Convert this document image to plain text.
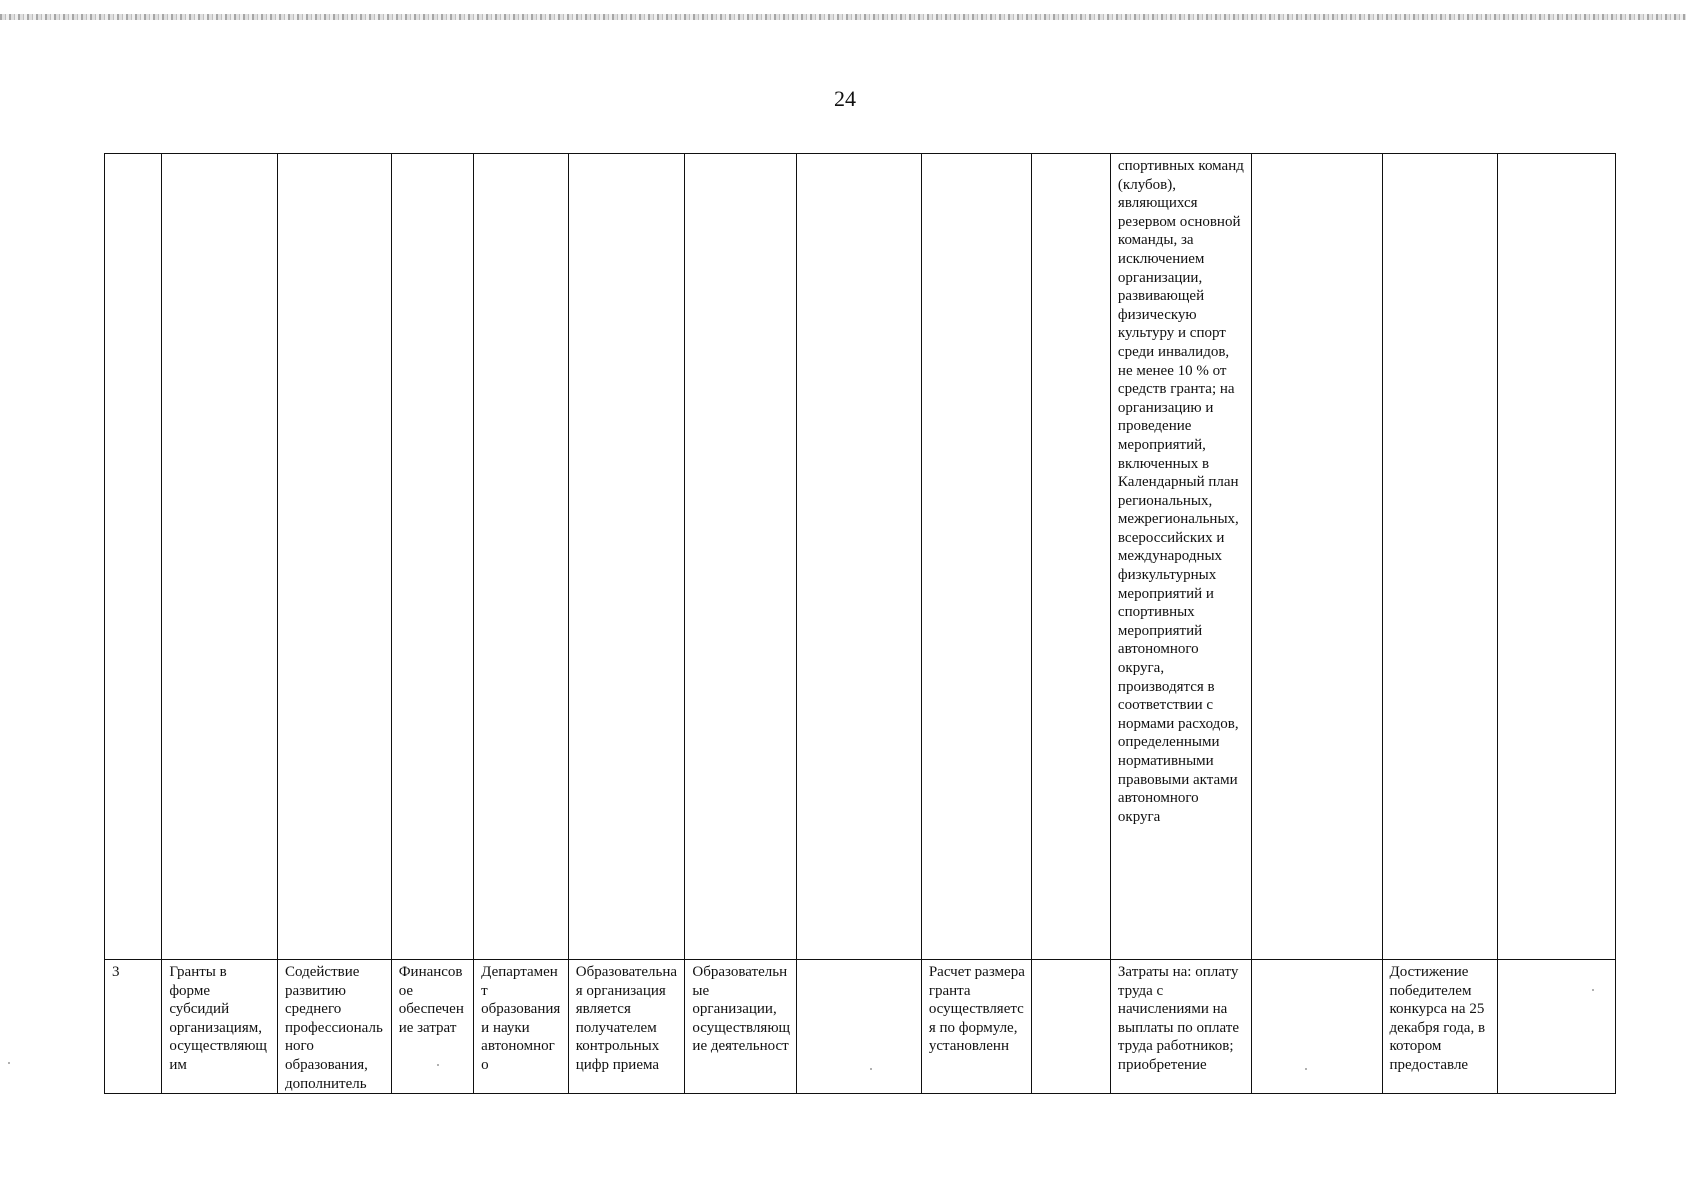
24
										спортивных команд (клубов), являющихся резервом основной команды, за исключением организации, развивающей физическую культуру и спорт среди инвалидов, не менее 10 % от средств гранта; на организацию и проведение мероприятий, включенных в Календарный план региональных, межрегиональных, всероссийских и международных физкультурных мероприятий и спортивных мероприятий автономного округа, производятся в соответствии с нормами расходов, определенными нормативными правовыми актами автономного округа			
3	Гранты в форме субсидий организациям, осуществляющим	Содействие развитию среднего профессионального образования, дополнитель	Финансовое обеспечение затрат	Департамент образования и науки автономного	Образовательная организация является получателем контрольных цифр приема	Образовательные организации, осуществляющие деятельност		Расчет размера гранта осуществляется по формуле, установленн		Затраты на: оплату труда с начислениями на выплаты по оплате труда работников; приобретение		Достижение победителем конкурса на 25 декабря года, в котором предоставле	
